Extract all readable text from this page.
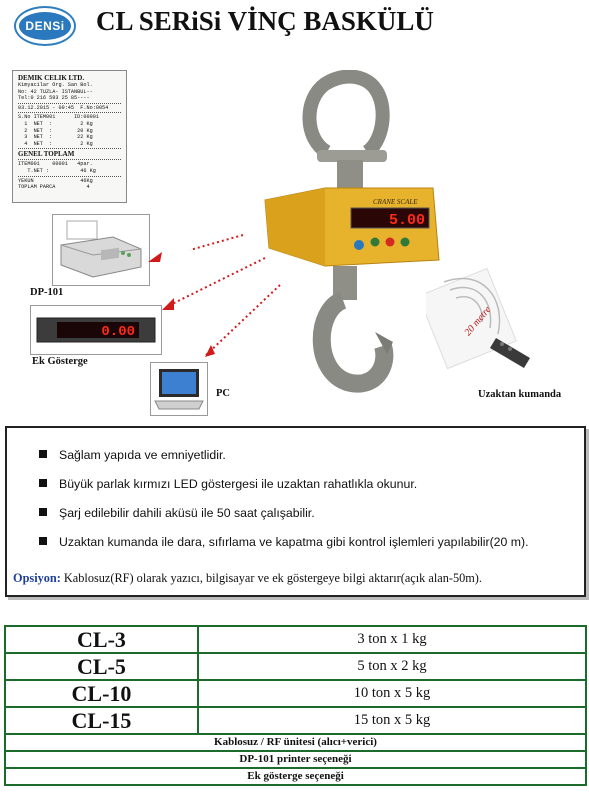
DENSi CL SERiSi VİNÇ BASKÜLÜ
DEMIK CELIK LTD.
Kimyacilar Org. San Bol.
No: 42 TUZLA- ISTANBUL--
Tel:0 216 593 25 85----
03.12.2015 - 09:45  F.No:0054
S.No ITEM001      ID:00001
1  NET  :         2 Kg
2  NET  :        20 Kg
3  NET  :        22 Kg
4  NET  :         2 Kg
GENEL TOPLAM
ITEM001    00001   4par.
T.NET :          46 Kg
YEKUN               46Kg
TOPLAM PARCA          4
DP-101
0.00
Ek Gösterge
PC
CRANE SCALE
5.00
20 metre
Uzaktan kumanda
Sağlam yapıda ve emniyetlidir.
Büyük parlak kırmızı LED göstergesi ile uzaktan rahatlıkla okunur.
Şarj edilebilir dahili aküsü ile 50 saat çalışabilir.
Uzaktan kumanda ile dara, sıfırlama ve kapatma gibi kontrol işlemleri yapılabilir(20 m).
Opsiyon: Kablosuz(RF) olarak yazıcı, bilgisayar ve ek göstergeye bilgi aktarır(açık alan-50m).
CL-3	3 ton x 1 kg
CL-5	5 ton x 2 kg
CL-10	10 ton x 5 kg
CL-15	15 ton x 5 kg
Kablosuz / RF ünitesi (alıcı+verici)	
DP-101 printer seçeneği	
Ek gösterge seçeneği	
